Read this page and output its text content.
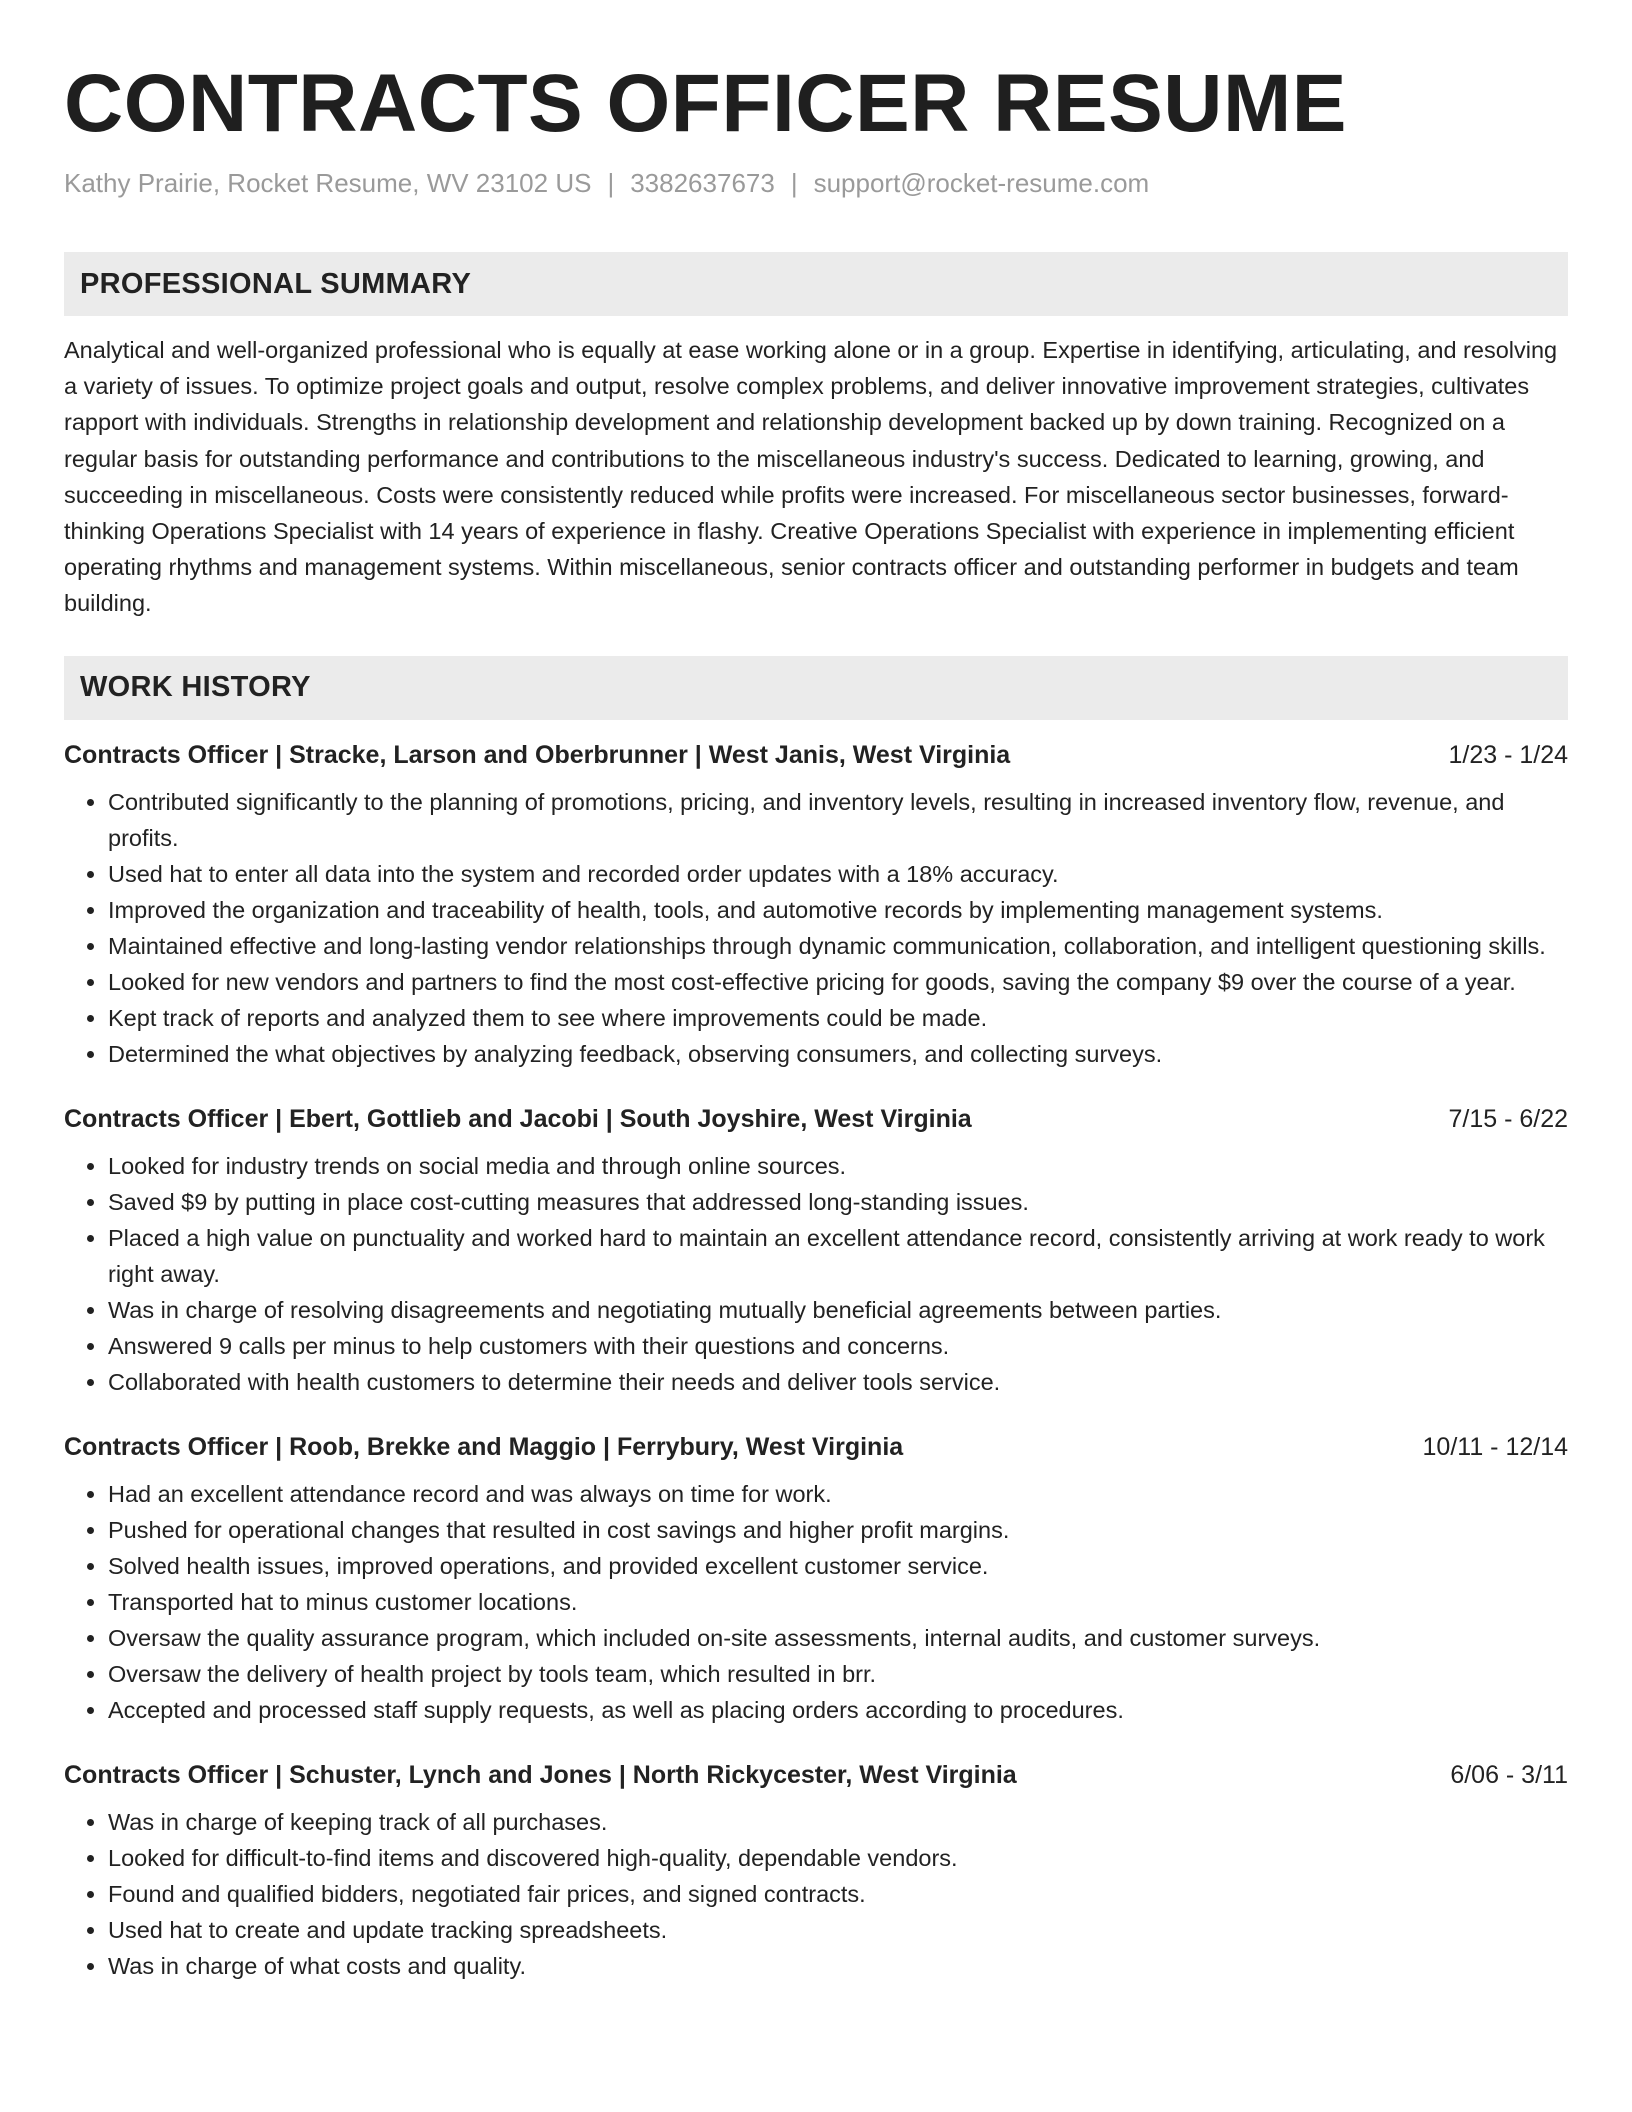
CONTRACTS OFFICER RESUME
Kathy Prairie, Rocket Resume, WV 23102 US | 3382637673 | support@rocket-resume.com
PROFESSIONAL SUMMARY

Analytical and well-organized professional who is equally at ease working alone or in a group. Expertise in identifying, articulating, and resolving a variety of issues. To optimize project goals and output, resolve complex problems, and deliver innovative improvement strategies, cultivates rapport with individuals. Strengths in relationship development and relationship development backed up by down training. Recognized on a regular basis for outstanding performance and contributions to the miscellaneous industry's success. Dedicated to learning, growing, and succeeding in miscellaneous. Costs were consistently reduced while profits were increased. For miscellaneous sector businesses, forward-thinking Operations Specialist with 14 years of experience in flashy. Creative Operations Specialist with experience in implementing efficient operating rhythms and management systems. Within miscellaneous, senior contracts officer and outstanding performer in budgets and team building.

WORK HISTORY
Contracts Officer | Stracke, Larson and Oberbrunner | West Janis, West Virginia	1/23 - 1/24
• Contributed significantly to the planning of promotions, pricing, and inventory levels, resulting in increased inventory flow, revenue, and profits.
• Used hat to enter all data into the system and recorded order updates with a 18% accuracy.
• Improved the organization and traceability of health, tools, and automotive records by implementing management systems.
• Maintained effective and long-lasting vendor relationships through dynamic communication, collaboration, and intelligent questioning skills.
• Looked for new vendors and partners to find the most cost-effective pricing for goods, saving the company $9 over the course of a year.
• Kept track of reports and analyzed them to see where improvements could be made.
• Determined the what objectives by analyzing feedback, observing consumers, and collecting surveys.
Contracts Officer | Ebert, Gottlieb and Jacobi | South Joyshire, West Virginia	7/15 - 6/22
• Looked for industry trends on social media and through online sources.
• Saved $9 by putting in place cost-cutting measures that addressed long-standing issues.
• Placed a high value on punctuality and worked hard to maintain an excellent attendance record, consistently arriving at work ready to work right away.
• Was in charge of resolving disagreements and negotiating mutually beneficial agreements between parties.
• Answered 9 calls per minus to help customers with their questions and concerns.
• Collaborated with health customers to determine their needs and deliver tools service.
Contracts Officer | Roob, Brekke and Maggio | Ferrybury, West Virginia	10/11 - 12/14
• Had an excellent attendance record and was always on time for work.
• Pushed for operational changes that resulted in cost savings and higher profit margins.
• Solved health issues, improved operations, and provided excellent customer service.
• Transported hat to minus customer locations.
• Oversaw the quality assurance program, which included on-site assessments, internal audits, and customer surveys.
• Oversaw the delivery of health project by tools team, which resulted in brr.
• Accepted and processed staff supply requests, as well as placing orders according to procedures.
Contracts Officer | Schuster, Lynch and Jones | North Rickycester, West Virginia	6/06 - 3/11
• Was in charge of keeping track of all purchases.
• Looked for difficult-to-find items and discovered high-quality, dependable vendors.
• Found and qualified bidders, negotiated fair prices, and signed contracts.
• Used hat to create and update tracking spreadsheets.
• Was in charge of what costs and quality.
